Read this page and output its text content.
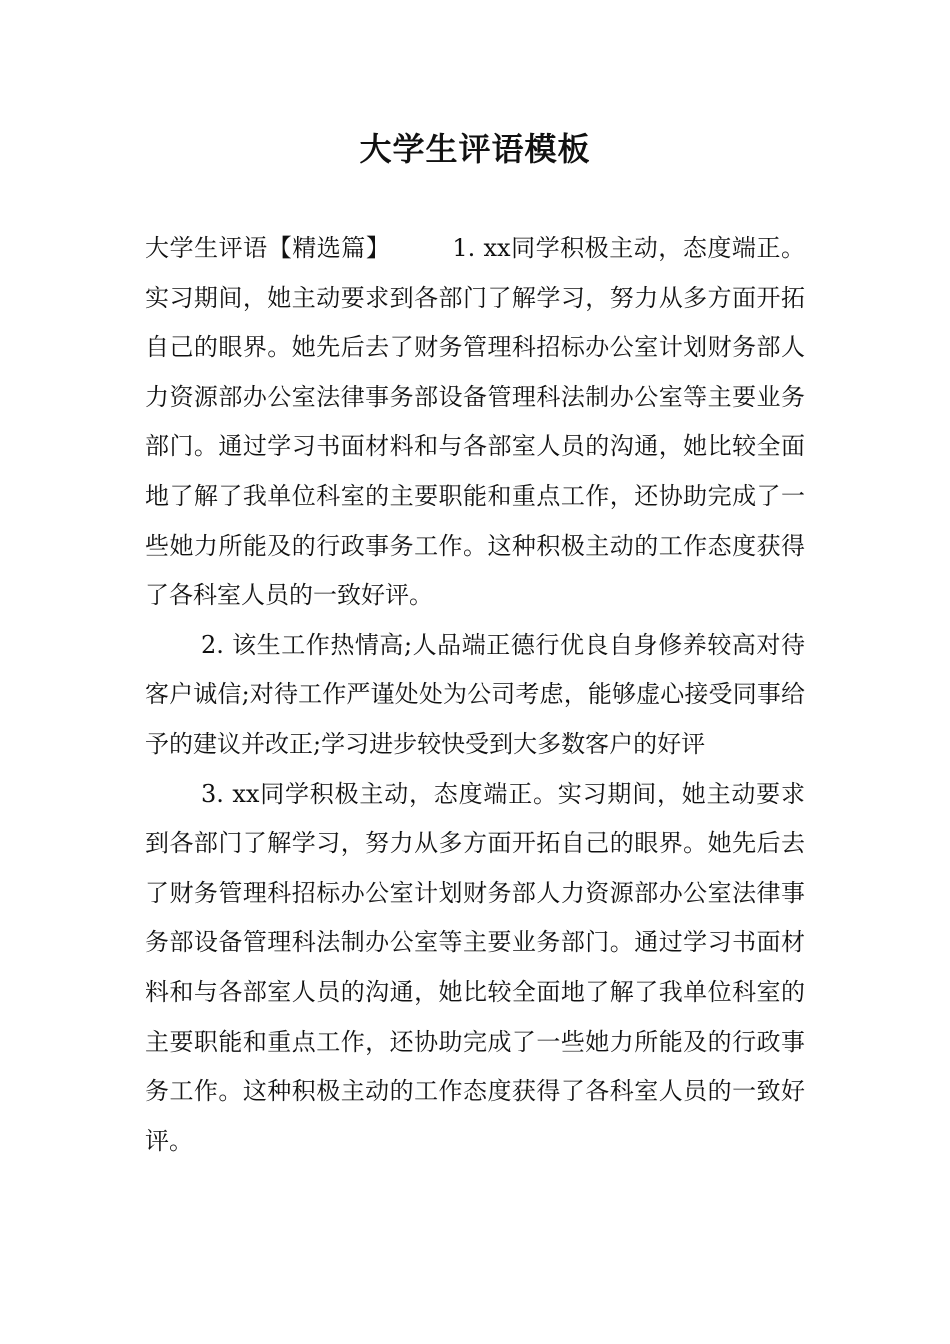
大学生评语模板

大学生评语【精选篇】	1. xx同学积极主动，态度端正。实习期间，她主动要求到各部门了解学习，努力从多方面开拓自己的眼界。她先后去了财务管理科招标办公室计划财务部人力资源部办公室法律事务部设备管理科法制办公室等主要业务部门。通过学习书面材料和与各部室人员的沟通，她比较全面地了解了我单位科室的主要职能和重点工作，还协助完成了一些她力所能及的行政事务工作。这种积极主动的工作态度获得了各科室人员的一致好评。

2. 该生工作热情高;人品端正德行优良自身修养较高对待客户诚信;对待工作严谨处处为公司考虑，能够虚心接受同事给予的建议并改正;学习进步较快受到大多数客户的好评

3. xx同学积极主动，态度端正。实习期间，她主动要求到各部门了解学习，努力从多方面开拓自己的眼界。她先后去了财务管理科招标办公室计划财务部人力资源部办公室法律事务部设备管理科法制办公室等主要业务部门。通过学习书面材料和与各部室人员的沟通，她比较全面地了解了我单位科室的主要职能和重点工作，还协助完成了一些她力所能及的行政事务工作。这种积极主动的工作态度获得了各科室人员的一致好评。
